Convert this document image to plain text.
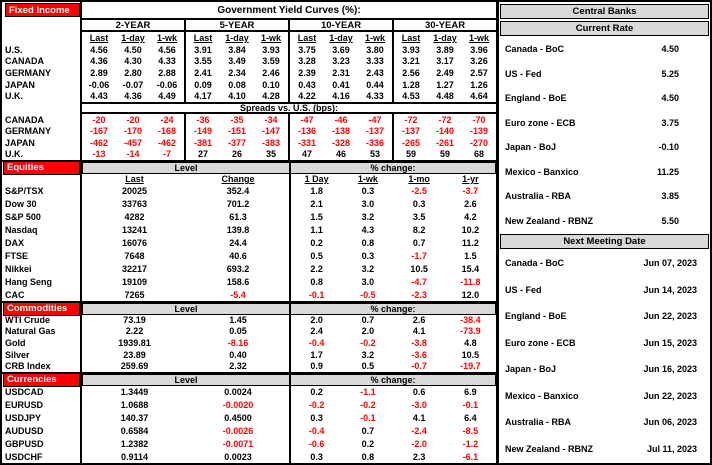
Fixed Income	Government Yield Curves (%):
2-YEAR	5-YEAR	10-YEAR	30-YEAR
Last	1-day	1-wk	Last	1-day	1-wk	Last	1-day	1-wk	Last	1-day	1-wk
U.S.	4.56	4.50	4.56	3.91	3.84	3.93	3.75	3.69	3.80	3.93	3.89	3.96
CANADA	4.36	4.30	4.33	3.55	3.49	3.59	3.28	3.23	3.33	3.21	3.17	3.26
GERMANY	2.89	2.80	2.88	2.41	2.34	2.46	2.39	2.31	2.43	2.56	2.49	2.57
JAPAN	-0.06	-0.07	-0.06	0.09	0.08	0.10	0.43	0.41	0.44	1.28	1.27	1.26
U.K.	4.43	4.36	4.49	4.17	4.10	4.28	4.22	4.16	4.33	4.53	4.48	4.64
Spreads vs. U.S. (bps):
CANADA	-20	-20	-24	-36	-35	-34	-47	-46	-47	-72	-72	-70
GERMANY	-167	-170	-168	-149	-151	-147	-136	-138	-137	-137	-140	-139
JAPAN	-462	-457	-462	-381	-377	-383	-331	-328	-336	-265	-261	-270
U.K.	-13	-14	-7	27	26	35	47	46	53	59	59	68
Equities	Level	% change:
Last	Change	1 Day	1-wk	1-mo	1-yr
S&P/TSX	20025	352.4	1.8	0.3	-2.5	-3.7
Dow 30	33763	701.2	2.1	3.0	0.3	2.6
S&P 500	4282	61.3	1.5	3.2	3.5	4.2
Nasdaq	13241	139.8	1.1	4.3	8.2	10.2
DAX	16076	24.4	0.2	0.8	0.7	11.2
FTSE	7648	40.6	0.5	0.3	-1.7	1.5
Nikkei	32217	693.2	2.2	3.2	10.5	15.4
Hang Seng	19109	158.6	0.8	3.0	-4.7	-11.8
CAC	7265	-5.4	-0.1	-0.5	-2.3	12.0
Commodities	Level	% change:
WTI Crude	73.19	1.45	2.0	0.7	2.6	-38.4
Natural Gas	2.22	0.05	2.4	2.0	4.1	-73.9
Gold	1939.81	-8.16	-0.4	-0.2	-3.8	4.8
Silver	23.89	0.40	1.7	3.2	-3.6	10.5
CRB Index	259.69	2.32	0.9	0.5	-0.7	-19.7
Currencies	Level	% change:
USDCAD	1.3449	0.0024	0.2	-1.1	0.6	6.9
EURUSD	1.0688	-0.0020	-0.2	-0.2	-3.0	-0.1
USDJPY	140.37	0.4500	0.3	-0.1	4.1	6.4
AUDUSD	0.6584	-0.0026	-0.4	0.7	-2.4	-8.5
GBPUSD	1.2382	-0.0071	-0.6	0.2	-2.0	-1.2
USDCHF	0.9114	0.0023	0.3	0.8	2.3	-6.1
Central Banks
Current Rate
Canada - BoC	4.50
US - Fed	5.25
England - BoE	4.50
Euro zone - ECB	3.75
Japan - BoJ	-0.10
Mexico - Banxico	11.25
Australia - RBA	3.85
New Zealand - RBNZ	5.50
Next Meeting Date
Canada - BoC	Jun 07, 2023
US - Fed	Jun 14, 2023
England - BoE	Jun 22, 2023
Euro zone - ECB	Jun 15, 2023
Japan - BoJ	Jun 16, 2023
Mexico - Banxico	Jun 22, 2023
Australia - RBA	Jun 06, 2023
New Zealand - RBNZ	Jul 11, 2023
